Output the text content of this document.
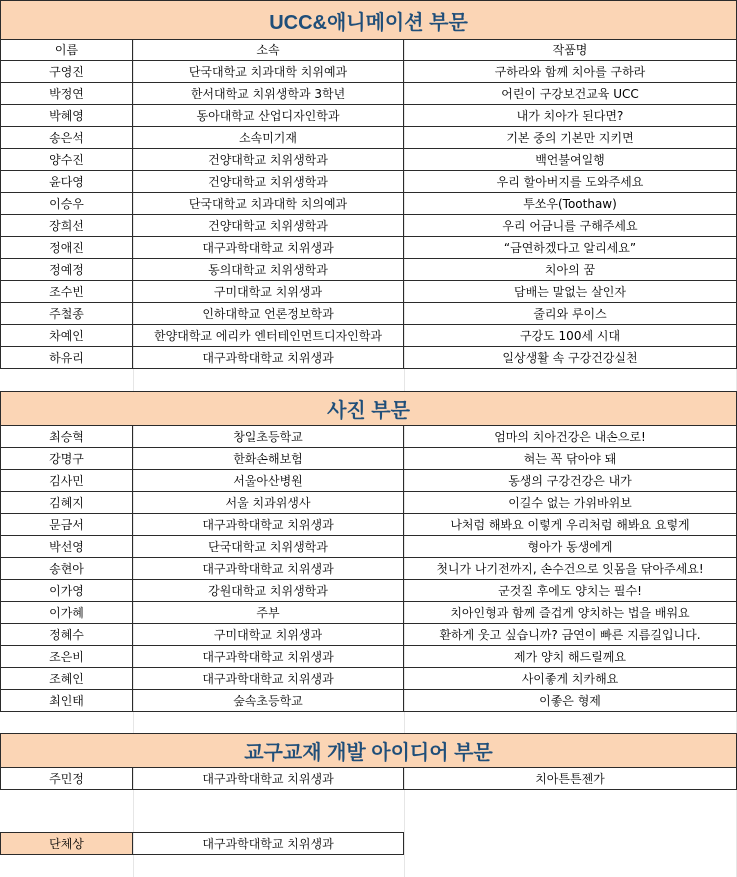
UCC&애니메이션 부문
이름	소속	작품명
구영진	단국대학교 치과대학 치위예과	구하라와 함께 치아를 구하라
박정연	한서대학교 치위생학과 3학년	어린이 구강보건교육 UCC
박혜영	동아대학교 산업디자인학과	내가 치아가 된다면?
송은석	소속미기재	기본 중의 기본만 지키면
양수진	건양대학교 치위생학과	백언불여일행
윤다영	건양대학교 치위생학과	우리 할아버지를 도와주세요
이승우	단국대학교 치과대학 치의예과	투쏘우(Toothaw)
장희선	건양대학교 치위생학과	우리 어금니를 구해주세요
정애진	대구과학대학교 치위생과	“금연하겠다고 알리세요”
정예정	동의대학교 치위생학과	치아의 꿈
조수빈	구미대학교 치위생과	담배는 말없는 살인자
주철종	인하대학교 언론정보학과	줄리와 루이스
차예인	한양대학교 에리카 엔터테인먼트디자인학과	구강도 100세 시대
하유리	대구과학대학교 치위생과	일상생활 속 구강건강실천
사진 부문
최승혁	창일초등학교	엄마의 치아건강은 내손으로!
강명구	한화손해보험	혀는 꼭 닦아야 돼
김사민	서울아산병원	동생의 구강건강은 내가
김혜지	서울 치과위생사	이길수 없는 가위바위보
문금서	대구과학대학교 치위생과	나처럼 해봐요 이렇게 우리처럼 해봐요 요렇게
박선영	단국대학교 치위생학과	형아가 동생에게
송현아	대구과학대학교 치위생과	첫니가 나기전까지, 손수건으로 잇몸을 닦아주세요!
이가영	강원대학교 치위생학과	군것질 후에도 양치는 필수!
이가혜	주부	치아인형과 함께 즐겁게 양치하는 법을 배워요
정혜수	구미대학교 치위생과	환하게 웃고 싶습니까? 금연이 빠른 지름길입니다.
조은비	대구과학대학교 치위생과	제가 양치 해드릴께요
조혜인	대구과학대학교 치위생과	사이좋게 치카해요
최인태	숲속초등학교	이좋은 형제
교구교재 개발 아이디어 부문
주민정	대구과학대학교 치위생과	치아튼튼젠가
단체상	대구과학대학교 치위생과
